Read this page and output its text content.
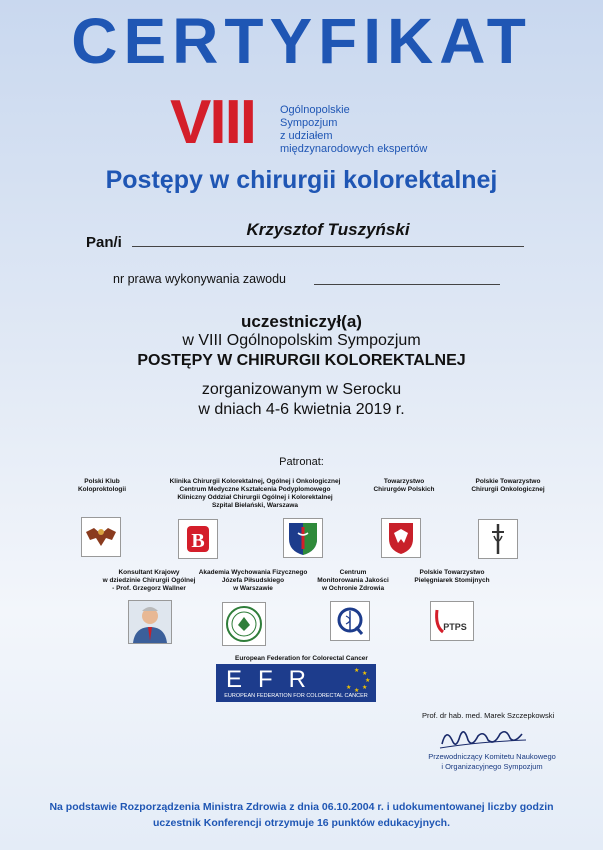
CERTYFIKAT
VIII Ogólnopolskie
Sympozjum
z udziałem
międzynarodowych ekspertów
Postępy w chirurgii kolorektalnej
Pan/i
Krzysztof Tuszyński
nr prawa wykonywania zawodu
uczestniczył(a)
w VIII Ogólnopolskim Sympozjum
POSTĘPY W CHIRURGII KOLOREKTALNEJ
zorganizowanym w Serocku
w dniach 4-6 kwietnia 2019 r.
Patronat:
Polski Klub
Koloproktologii
Klinika Chirurgii Kolorektalnej, Ogólnej i Onkologicznej
Centrum Medyczne Kształcenia Podyplomowego
Kliniczny Oddział Chirurgii Ogólnej i Kolorektalnej
Szpital Bielański, Warszawa
Towarzystwo
Chirurgów Polskich
Polskie Towarzystwo
Chirurgii Onkologicznej
B
Konsultant Krajowy
w dziedzinie Chirurgii Ogólnej
- Prof. Grzegorz Wallner
Akademia Wychowania Fizycznego
Józefa Piłsudskiego
w Warszawie
Centrum
Monitorowania Jakości
w Ochronie Zdrowia
Polskie Towarzystwo
Pielęgniarek Stomijnych
PTPS
European Federation for Colorectal Cancer
EFR
EUROPEAN FEDERATION FOR COLORECTAL CANCER
★ ★
★
★
★
★
Prof. dr hab. med. Marek Szczepkowski
Przewodniczący Komitetu Naukowego
i Organizacyjnego Sympozjum
Na podstawie Rozporządzenia Ministra Zdrowia z dnia 06.10.2004 r. i udokumentowanej liczby godzin
uczestnik Konferencji otrzymuje 16 punktów edukacyjnych.
